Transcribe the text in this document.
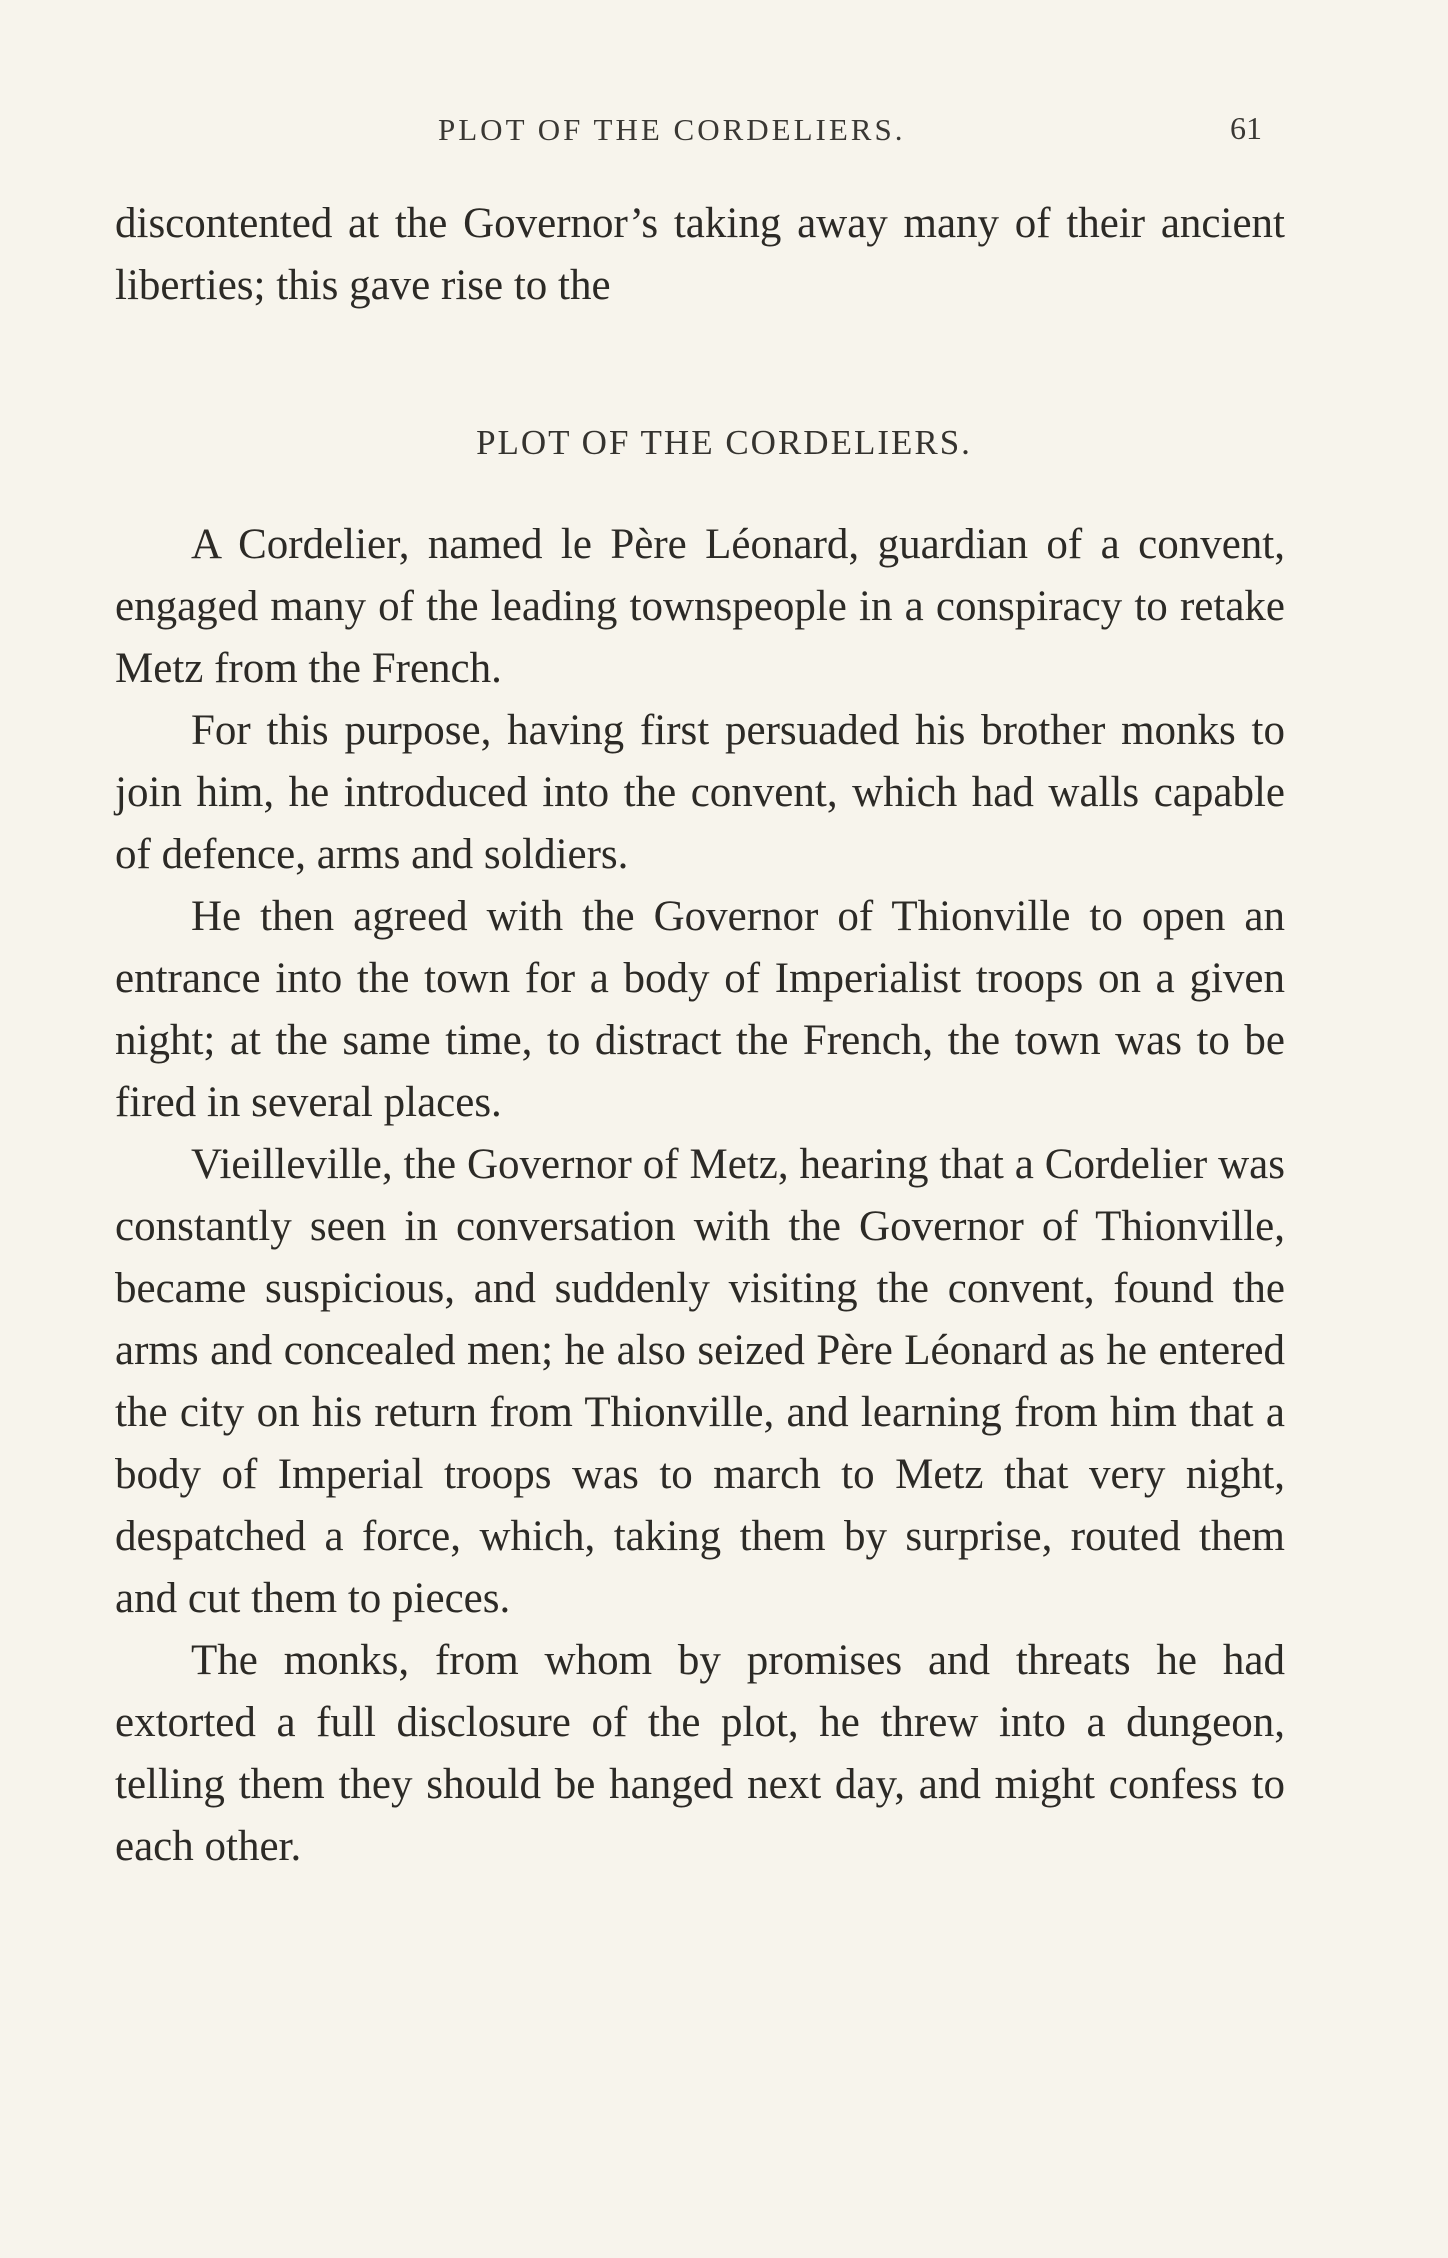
PLOT OF THE CORDELIERS.	61

discontented at the Governor’s taking away many of their ancient liberties; this gave rise to the

PLOT OF THE CORDELIERS.

A Cordelier, named le Père Léonard, guardian of a convent, engaged many of the leading townspeople in a conspiracy to retake Metz from the French.

For this purpose, having first persuaded his brother monks to join him, he introduced into the convent, which had walls capable of defence, arms and soldiers.

He then agreed with the Governor of Thionville to open an entrance into the town for a body of Imperialist troops on a given night; at the same time, to distract the French, the town was to be fired in several places.

Vieilleville, the Governor of Metz, hearing that a Cordelier was constantly seen in conversation with the Governor of Thionville, became suspicious, and suddenly visiting the convent, found the arms and concealed men; he also seized Père Léonard as he entered the city on his return from Thionville, and learning from him that a body of Imperial troops was to march to Metz that very night, despatched a force, which, taking them by surprise, routed them and cut them to pieces.

The monks, from whom by promises and threats he had extorted a full disclosure of the plot, he threw into a dungeon, telling them they should be hanged next day, and might confess to each other.
